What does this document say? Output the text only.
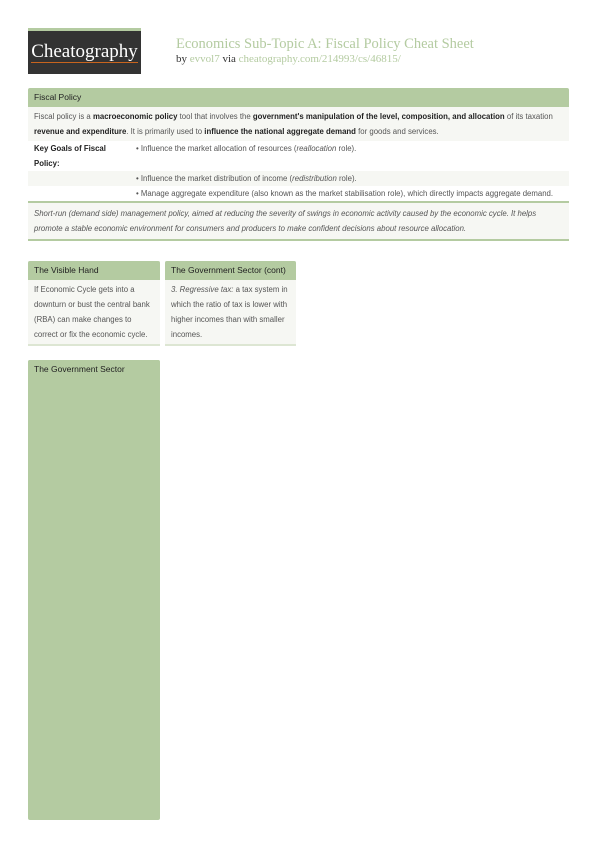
Cheatography	Economics Sub-Topic A: Fiscal Policy Cheat Sheet
by evvol7 via cheatography.com/214993/cs/46815/
Fiscal Policy
Fiscal policy is a macroeconomic policy tool that involves the government's manipulation of the level, composition, and allocation of its taxation revenue and expenditure. It is primarily used to influence the national aggregate demand for goods and services.
Key Goals of Fiscal Policy:
• Influence the market allocation of resources (reallocation role).
• Influence the market distribution of income (redistribution role).
• Manage aggregate expenditure (also known as the market stabilisation role), which directly impacts aggregate demand.
Short-run (demand side) management policy, aimed at reducing the severity of swings in economic activity caused by the economic cycle. It helps promote a stable economic environment for consumers and producers to make confident decisions about resource allocation.
The Visible Hand
If Economic Cycle gets into a downturn or bust the central bank (RBA) can make changes to correct or fix the economic cycle.
The Government Sector (cont)
3. Regressive tax: a tax system in which the ratio of tax is lower with higher incomes than with smaller incomes.
The Government Sector
